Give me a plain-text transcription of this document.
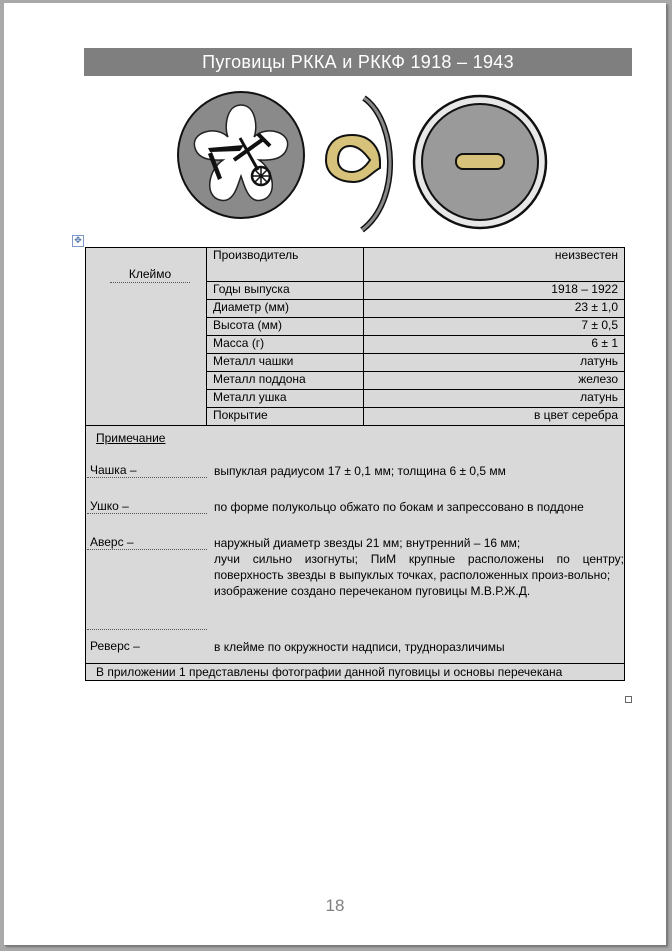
Пуговицы РККА и РККФ 1918 – 1943
✥
Клеймо	Производитель	неизвестен
	Годы выпуска	1918 – 1922
	Диаметр (мм)	23 ± 1,0
	Высота (мм)	7 ± 0,5
	Масса (г)	6 ± 1
	Металл чашки	латунь
	Металл поддона	железо
	Металл ушка	латунь
	Покрытие	в цвет серебра
Примечание
Чашка –	выпуклая радиусом 17 ± 0,1 мм; толщина 6 ± 0,5 мм
Ушко –	по форме полукольцо обжато по бокам и запрессовано в поддоне
Аверс –	наружный диаметр звезды 21 мм; внутренний – 16 мм;
лучи сильно изогнуты; ПиМ крупные расположены по центру; поверхность звезды в выпуклых точках, расположенных произ-вольно;
изображение создано перечеканом пуговицы М.В.Р.Ж.Д.
Реверс –	в клейме по окружности надписи, трудноразличимы
В приложении 1 представлены фотографии данной пуговицы и основы перечекана
18
